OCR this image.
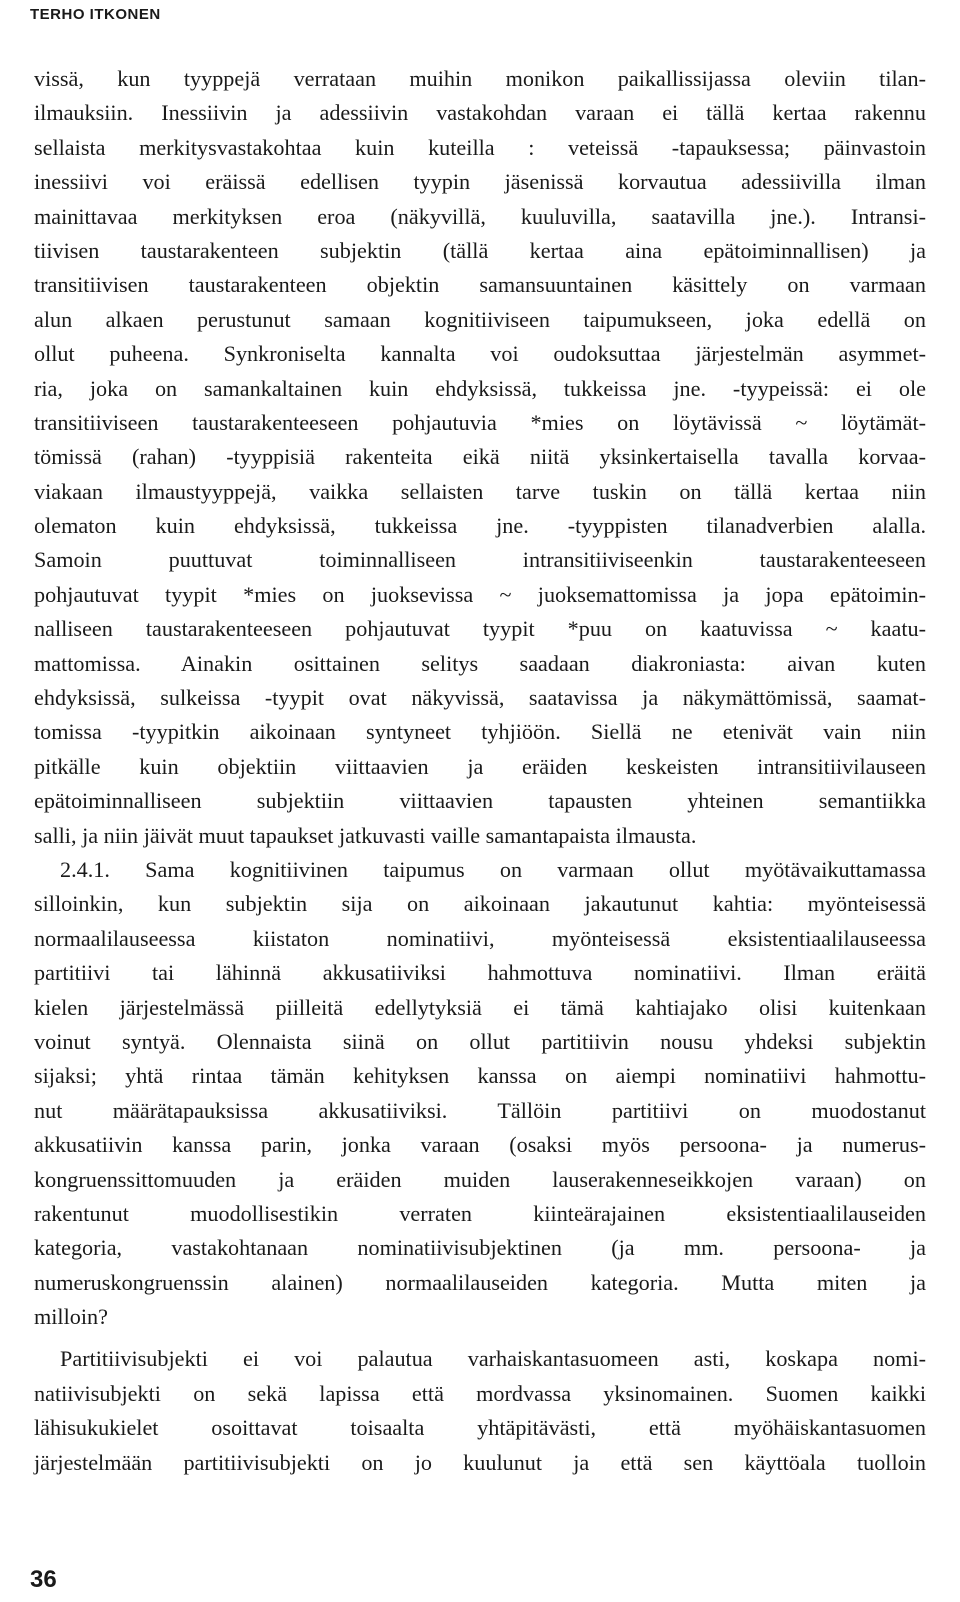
TERHO ITKONEN
vissä, kun tyyppejä verrataan muihin monikon paikallissijassa oleviin tilan-
ilmauksiin. Inessiivin ja adessiivin vastakohdan varaan ei tällä kertaa rakennu
sellaista merkitysvastakohtaa kuin kuteilla : veteissä -tapauksessa; päinvastoin
inessiivi voi eräissä edellisen tyypin jäsenissä korvautua adessiivilla ilman
mainittavaa merkityksen eroa (näkyvillä, kuuluvilla, saatavilla jne.). Intransi-
tiivisen taustarakenteen subjektin (tällä kertaa aina epätoiminnallisen) ja
transitiivisen taustarakenteen objektin samansuuntainen käsittely on varmaan
alun alkaen perustunut samaan kognitiiviseen taipumukseen, joka edellä on
ollut puheena. Synkroniselta kannalta voi oudoksuttaa järjestelmän asymmet-
ria, joka on samankaltainen kuin ehdyksissä, tukkeissa jne. -tyypeissä: ei ole
transitiiviseen taustarakenteeseen pohjautuvia *mies on löytävissä ~ löytämät-
tömissä (rahan) -tyyppisiä rakenteita eikä niitä yksinkertaisella tavalla korvaa-
viakaan ilmaustyyppejä, vaikka sellaisten tarve tuskin on tällä kertaa niin
olematon kuin ehdyksissä, tukkeissa jne. -tyyppisten tilanadverbien alalla.
Samoin puuttuvat toiminnalliseen intransitiiviseenkin taustarakenteeseen
pohjautuvat tyypit *mies on juoksevissa ~ juoksemattomissa ja jopa epätoimin-
nalliseen taustarakenteeseen pohjautuvat tyypit *puu on kaatuvissa ~ kaatu-
mattomissa. Ainakin osittainen selitys saadaan diakroniasta: aivan kuten
ehdyksissä, sulkeissa -tyypit ovat näkyvissä, saatavissa ja näkymättömissä, saamat-
tomissa -tyypitkin aikoinaan syntyneet tyhjiöön. Siellä ne etenivät vain niin
pitkälle kuin objektiin viittaavien ja eräiden keskeisten intransitiivilauseen
epätoiminnalliseen subjektiin viittaavien tapausten yhteinen semantiikka
salli, ja niin jäivät muut tapaukset jatkuvasti vaille samantapaista ilmausta.
2.4.1. Sama kognitiivinen taipumus on varmaan ollut myötävaikuttamassa
silloinkin, kun subjektin sija on aikoinaan jakautunut kahtia: myönteisessä
normaalilauseessa kiistaton nominatiivi, myönteisessä eksistentiaalilauseessa
partitiivi tai lähinnä akkusatiiviksi hahmottuva nominatiivi. Ilman eräitä
kielen järjestelmässä piilleitä edellytyksiä ei tämä kahtiajako olisi kuitenkaan
voinut syntyä. Olennaista siinä on ollut partitiivin nousu yhdeksi subjektin
sijaksi; yhtä rintaa tämän kehityksen kanssa on aiempi nominatiivi hahmottu-
nut määrätapauksissa akkusatiiviksi. Tällöin partitiivi on muodostanut
akkusatiivin kanssa parin, jonka varaan (osaksi myös persoona- ja numerus-
kongruenssittomuuden ja eräiden muiden lauserakenneseikkojen varaan) on
rakentunut muodollisestikin verraten kiinteärajainen eksistentiaalilauseiden
kategoria, vastakohtanaan nominatiivisubjektinen (ja mm. persoona- ja
numeruskongruenssin alainen) normaalilauseiden kategoria. Mutta miten ja
milloin?
Partitiivisubjekti ei voi palautua varhaiskantasuomeen asti, koskapa nomi-
natiivisubjekti on sekä lapissa että mordvassa yksinomainen. Suomen kaikki
lähisukukielet osoittavat toisaalta yhtäpitävästi, että myöhäiskantasuomen
järjestelmään partitiivisubjekti on jo kuulunut ja että sen käyttöala tuolloin
36
